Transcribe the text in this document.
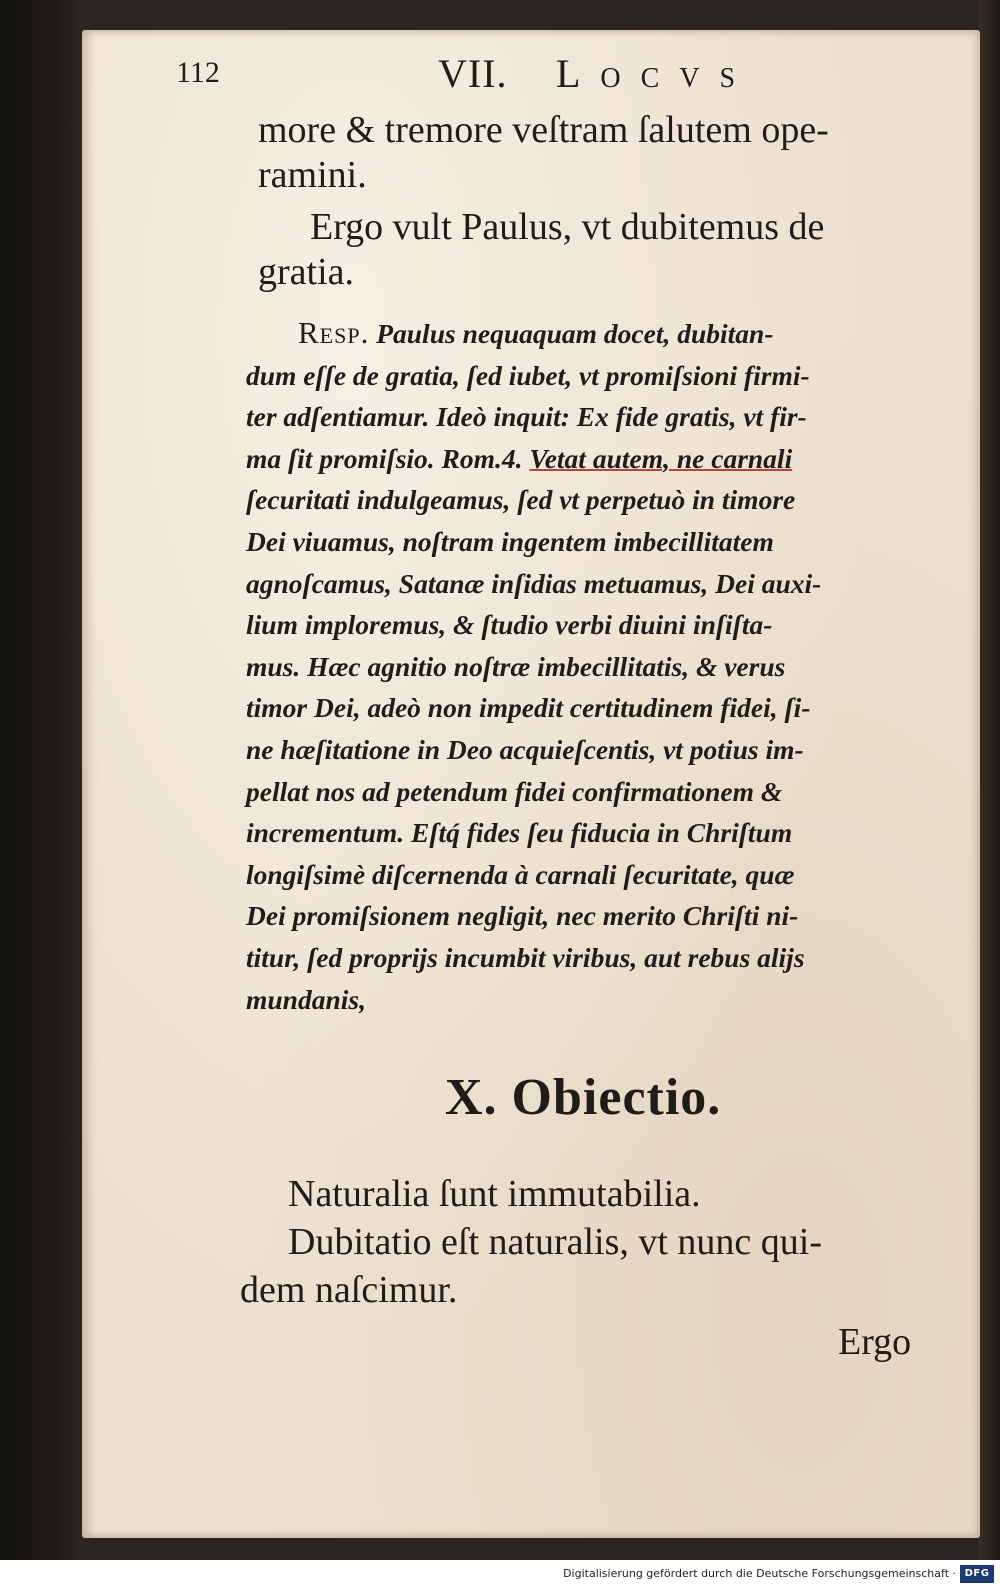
112	VII. Locvs
more & tremore veſtram ſalutem ope-
ramini.
Ergo vult Paulus, vt dubitemus de
gratia.
Resp. Paulus nequaquam docet, dubitan-
dum eſſe de gratia, ſed iubet, vt promiſsioni firmi-
ter adſentiamur. Ideò inquit: Ex fide gratis, vt fir-
ma ſit promiſsio. Rom.4. Vetat autem, ne carnali
ſecuritati indulgeamus, ſed vt perpetuò in timore
Dei viuamus, noſtram ingentem imbecillitatem
agnoſcamus, Satanæ inſidias metuamus, Dei auxi-
lium imploremus, & ſtudio verbi diuini inſiſta-
mus. Hæc agnitio noſtræ imbecillitatis, & verus
timor Dei, adeò non impedit certitudinem fidei, ſi-
ne hæſitatione in Deo acquieſcentis, vt potius im-
pellat nos ad petendum fidei confirmationem &
incrementum. Eſtq́ fides ſeu fiducia in Chriſtum
longiſsimè diſcernenda à carnali ſecuritate, quæ
Dei promiſsionem negligit, nec merito Chriſti ni-
titur, ſed proprijs incumbit viribus, aut rebus alijs
mundanis,
X. Obiectio.
Naturalia ſunt immutabilia.
Dubitatio eſt naturalis, vt nunc qui-
dem naſcimur.
Ergo
Digitalisierung gefördert durch die Deutsche Forschungsgemeinschaft · DFG
